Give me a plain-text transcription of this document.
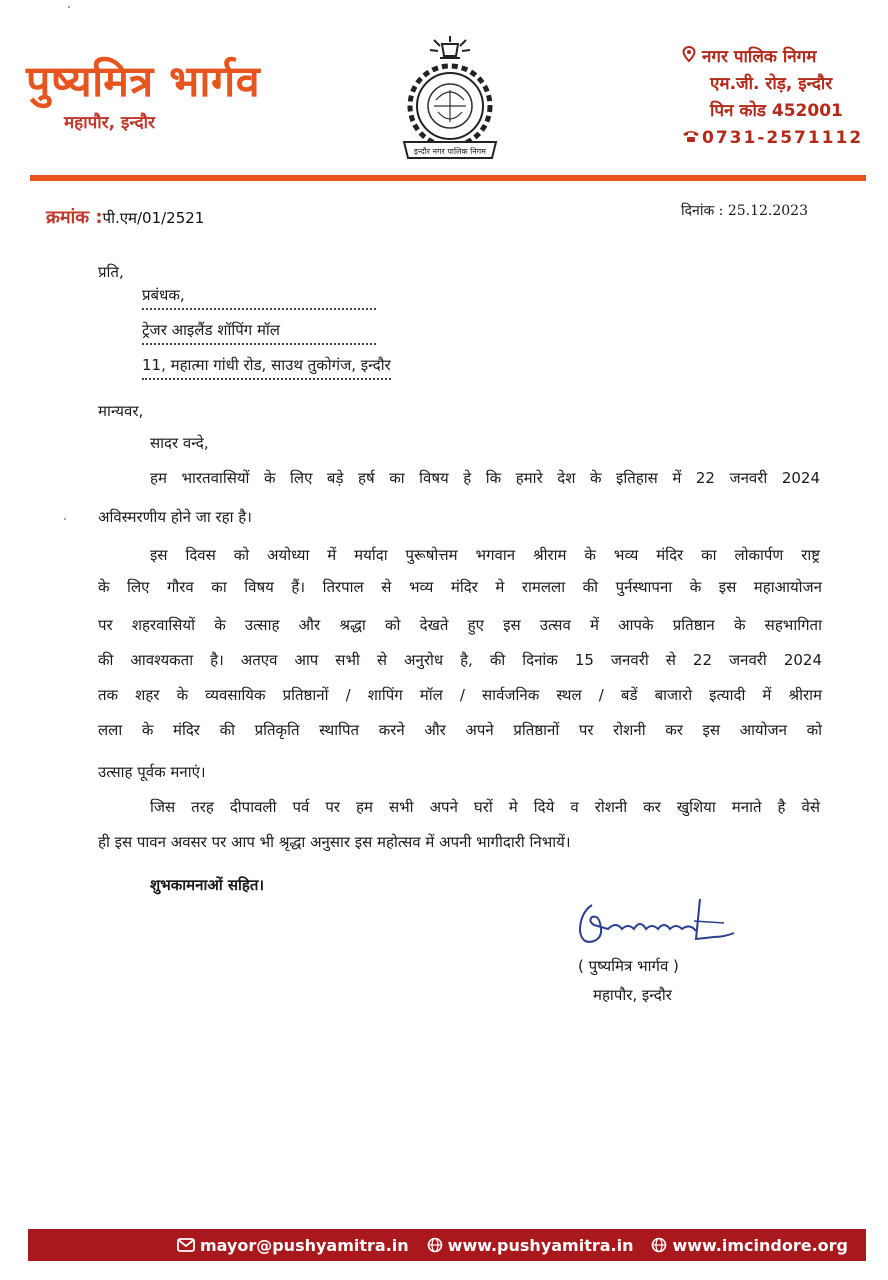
पुष्यमित्र भार्गव
महापौर, इन्दौर
इन्दौर नगर पालिक निगम
नगर पालिक निगम
एम.जी. रोड़, इन्दौर
पिन कोड 452001
0731-2571112
क्रमांक :पी.एम/01/2521	दिनांक : 25.12.2023
प्रति,
प्रबंधक,
ट्रेजर आइलैंड शॉपिंग मॉल
11, महात्मा गांधी रोड, साउथ तुकोगंज, इन्दौर
मान्यवर,
सादर वन्दे,
हम भारतवासियों के लिए बड़े हर्ष का विषय हे कि हमारे देश के इतिहास में 22 जनवरी 2024
अविस्मरणीय होने जा रहा है।
इस दिवस को अयोध्या में मर्यादा पुरूषोत्तम भगवान श्रीराम के भव्य मंदिर का लोकार्पण राष्ट्र
के लिए गौरव का विषय हैं। तिरपाल से भव्य मंदिर मे रामलला की पुर्नस्थापना के इस महाआयोजन
पर शहरवासियों के उत्साह और श्रद्धा को देखते हुए इस उत्सव में आपके प्रतिष्ठान के सहभागिता
की आवश्यकता है। अतएव आप सभी से अनुरोध है, की दिनांक 15 जनवरी से 22 जनवरी 2024
तक शहर के व्यवसायिक प्रतिष्ठानों / शापिंग मॉल / सार्वजनिक स्थल / बडें बाजारो इत्यादी में श्रीराम
लला के मंदिर की प्रतिकृति स्थापित करने और अपने प्रतिष्ठानों पर रोशनी कर इस आयोजन को
उत्साह पूर्वक मनाएं।
जिस तरह दीपावली पर्व पर हम सभी अपने घरों मे दिये व रोशनी कर खुशिया मनाते है वेसे
ही इस पावन अवसर पर आप भी श्रृद्धा अनुसार इस महोत्सव में अपनी भागीदारी निभायें।
शुभकामनाओं सहित।
( पुष्यमित्र भार्गव )
महापौर, इन्दौर
mayor@pushyamitra.in www.pushyamitra.in www.imcindore.org
